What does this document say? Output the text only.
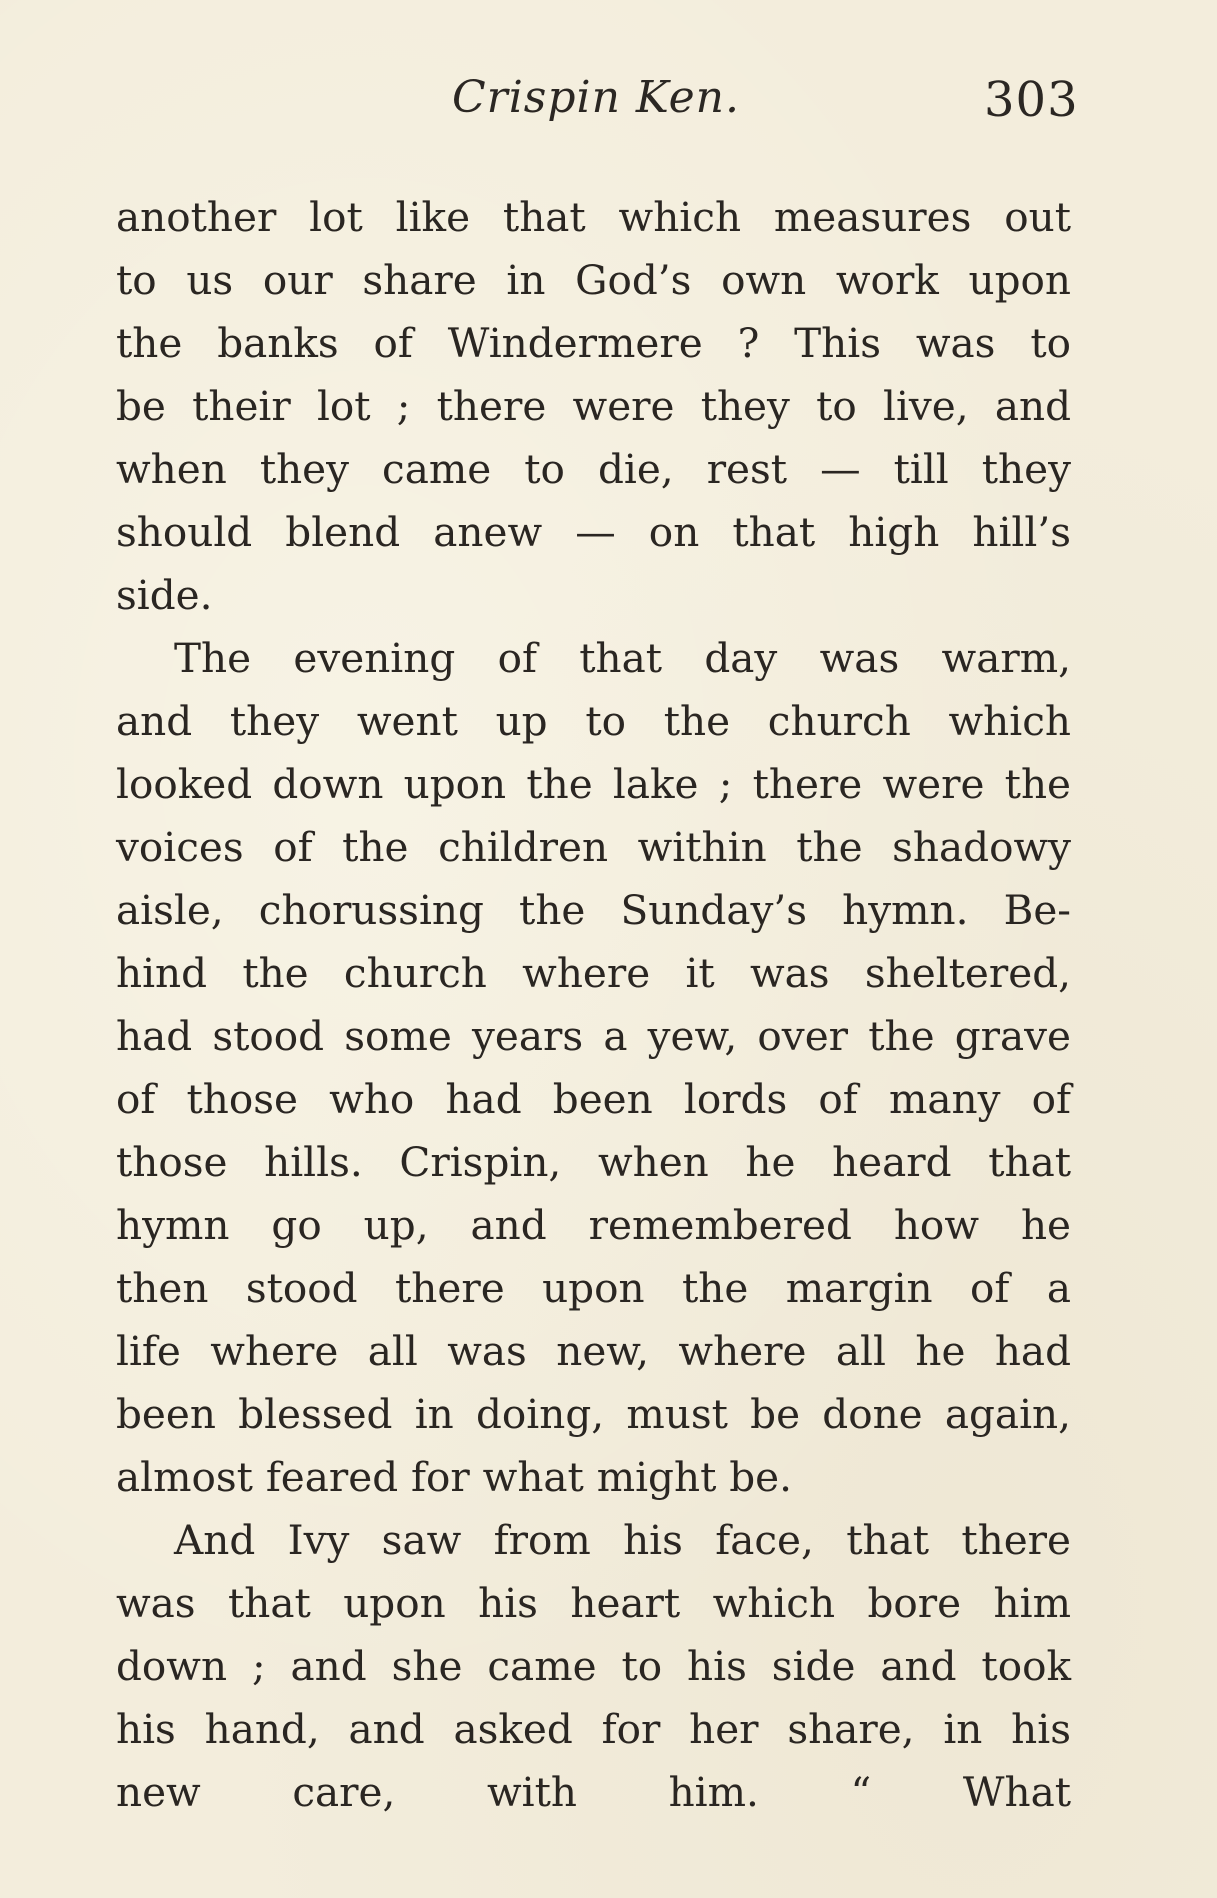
Crispin Ken.	303
another lot like that which measures out
to us our share in God’s own work upon
the banks of Windermere ? This was to
be their lot ; there were they to live, and
when they came to die, rest — till they
should blend anew — on that high hill’s
side.
The evening of that day was warm,
and they went up to the church which
looked down upon the lake ; there were the
voices of the children within the shadowy
aisle, chorussing the Sunday’s hymn. Be-
hind the church where it was sheltered,
had stood some years a yew, over the grave
of those who had been lords of many of
those hills. Crispin, when he heard that
hymn go up, and remembered how he
then stood there upon the margin of a
life where all was new, where all he had
been blessed in doing, must be done again,
almost feared for what might be.
And Ivy saw from his face, that there
was that upon his heart which bore him
down ; and she came to his side and took
his hand, and asked for her share, in his
new care, with him. “ What
